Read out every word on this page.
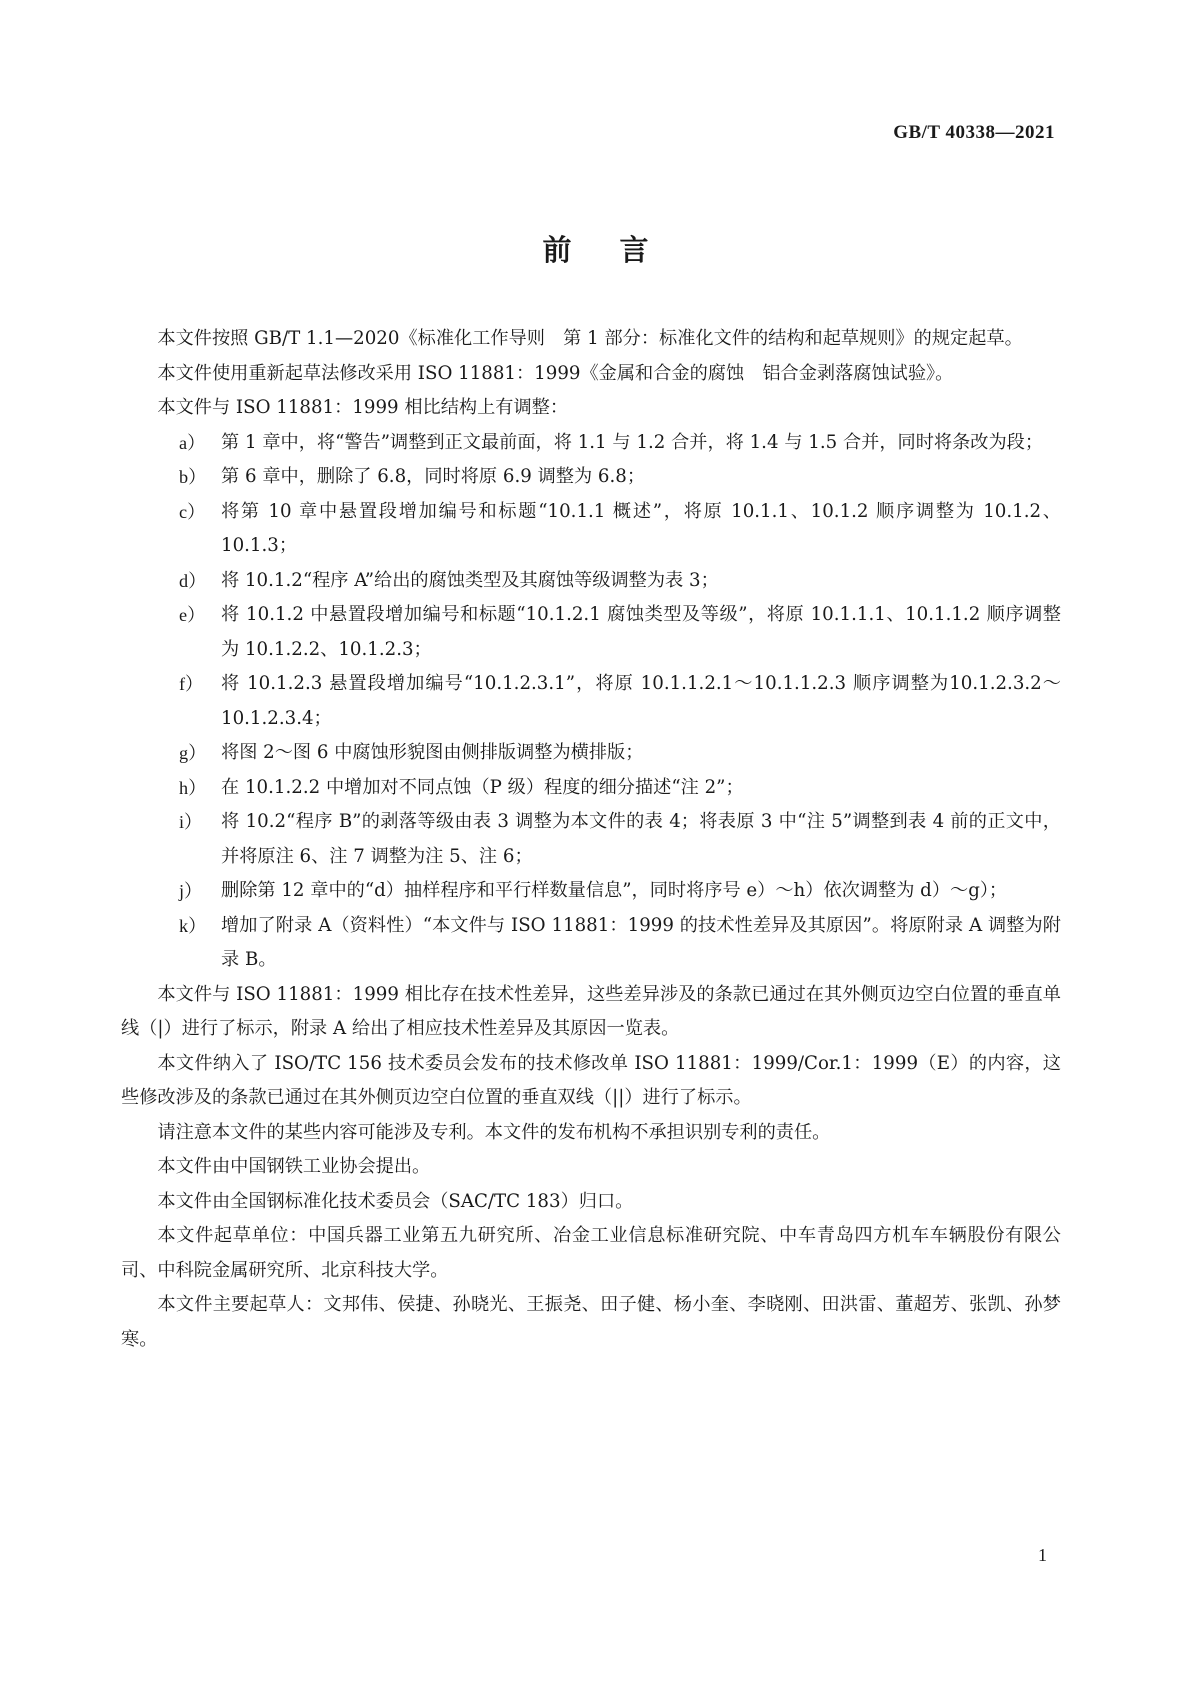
GB/T 40338—2021
前言

本文件按照 GB/T 1.1—2020《标准化工作导则　第 1 部分：标准化文件的结构和起草规则》的规定起草。

本文件使用重新起草法修改采用 ISO 11881：1999《金属和合金的腐蚀　铝合金剥落腐蚀试验》。

本文件与 ISO 11881：1999 相比结构上有调整：

a） 第 1 章中，将“警告”调整到正文最前面，将 1.1 与 1.2 合并，将 1.4 与 1.5 合并，同时将条改为段；
b） 第 6 章中，删除了 6.8，同时将原 6.9 调整为 6.8；
c） 将第 10 章中悬置段增加编号和标题“10.1.1 概述”，将原 10.1.1、10.1.2 顺序调整为 10.1.2、10.1.3；
d） 将 10.1.2“程序 A”给出的腐蚀类型及其腐蚀等级调整为表 3；
e） 将 10.1.2 中悬置段增加编号和标题“10.1.2.1 腐蚀类型及等级”，将原 10.1.1.1、10.1.1.2 顺序调整为 10.1.2.2、10.1.2.3；
f） 将 10.1.2.3 悬置段增加编号“10.1.2.3.1”，将原 10.1.1.2.1～10.1.1.2.3 顺序调整为10.1.2.3.2～10.1.2.3.4；
g） 将图 2～图 6 中腐蚀形貌图由侧排版调整为横排版；
h） 在 10.1.2.2 中增加对不同点蚀（P 级）程度的细分描述“注 2”；
i）	将 10.2“程序 B”的剥落等级由表 3 调整为本文件的表 4；将表原 3 中“注 5”调整到表 4 前的正文中，并将原注 6、注 7 调整为注 5、注 6；
j）	删除第 12 章中的“d）抽样程序和平行样数量信息”，同时将序号 e）～h）依次调整为 d）～g）；
k） 增加了附录 A（资料性）“本文件与 ISO 11881：1999 的技术性差异及其原因”。将原附录 A 调整为附录 B。

本文件与 ISO 11881：1999 相比存在技术性差异，这些差异涉及的条款已通过在其外侧页边空白位置的垂直单线（|）进行了标示，附录 A 给出了相应技术性差异及其原因一览表。

本文件纳入了 ISO/TC 156 技术委员会发布的技术修改单 ISO 11881：1999/Cor.1：1999（E）的内容，这些修改涉及的条款已通过在其外侧页边空白位置的垂直双线（||）进行了标示。

请注意本文件的某些内容可能涉及专利。本文件的发布机构不承担识别专利的责任。

本文件由中国钢铁工业协会提出。

本文件由全国钢标准化技术委员会（SAC/TC 183）归口。

本文件起草单位：中国兵器工业第五九研究所、冶金工业信息标准研究院、中车青岛四方机车车辆股份有限公司、中科院金属研究所、北京科技大学。

本文件主要起草人：文邦伟、侯捷、孙晓光、王振尧、田子健、杨小奎、李晓刚、田洪雷、董超芳、张凯、孙梦寒。

1
